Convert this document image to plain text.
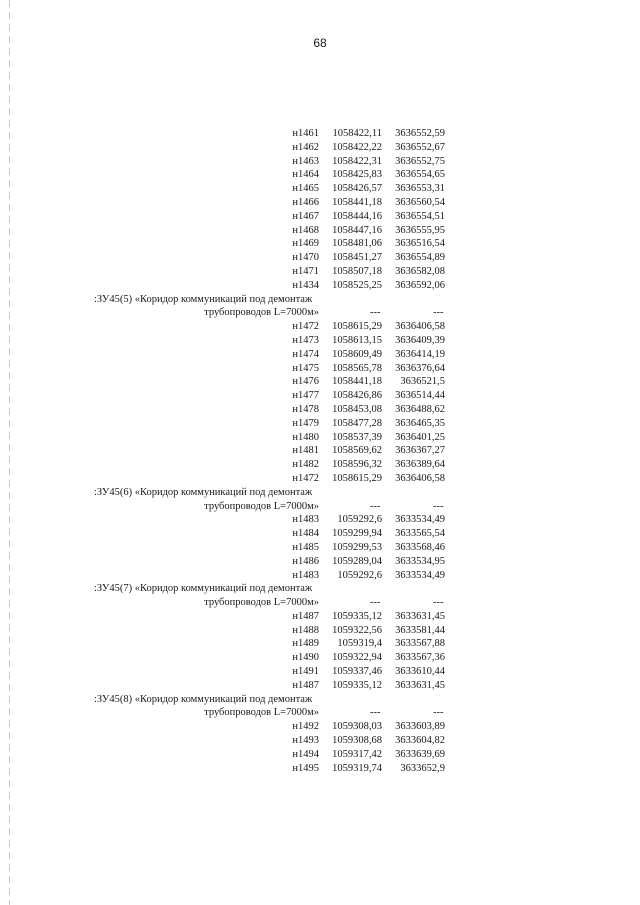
68
н1461 1058422,11 3636552,59
н1462 1058422,22 3636552,67
н1463 1058422,31 3636552,75
н1464 1058425,83 3636554,65
н1465 1058426,57 3636553,31
н1466 1058441,18 3636560,54
н1467 1058444,16 3636554,51
н1468 1058447,16 3636555,95
н1469 1058481,06 3636516,54
н1470 1058451,27 3636554,89
н1471 1058507,18 3636582,08
н1434 1058525,25 3636592,06
:ЗУ45(5) «Коридор коммуникаций под демонтаж
трубопроводов L=7000м»	---	---
н1472 1058615,29 3636406,58
н1473 1058613,15 3636409,39
н1474 1058609,49 3636414,19
н1475 1058565,78 3636376,64
н1476 1058441,18 3636521,5
н1477 1058426,86 3636514,44
н1478 1058453,08 3636488,62
н1479 1058477,28 3636465,35
н1480 1058537,39 3636401,25
н1481 1058569,62 3636367,27
н1482 1058596,32 3636389,64
н1472 1058615,29 3636406,58
:ЗУ45(6) «Коридор коммуникаций под демонтаж
трубопроводов L=7000м»	---	---
н1483 1059292,6 3633534,49
н1484 1059299,94 3633565,54
н1485 1059299,53 3633568,46
н1486 1059289,04 3633534,95
н1483 1059292,6 3633534,49
:ЗУ45(7) «Коридор коммуникаций под демонтаж
трубопроводов L=7000м»	---	---
н1487 1059335,12 3633631,45
н1488 1059322,56 3633581,44
н1489 1059319,4 3633567,88
н1490 1059322,94 3633567,36
н1491 1059337,46 3633610,44
н1487 1059335,12 3633631,45
:ЗУ45(8) «Коридор коммуникаций под демонтаж
трубопроводов L=7000м»	---	---
н1492 1059308,03 3633603,89
н1493 1059308,68 3633604,82
н1494 1059317,42 3633639,69
н1495 1059319,74 3633652,9
